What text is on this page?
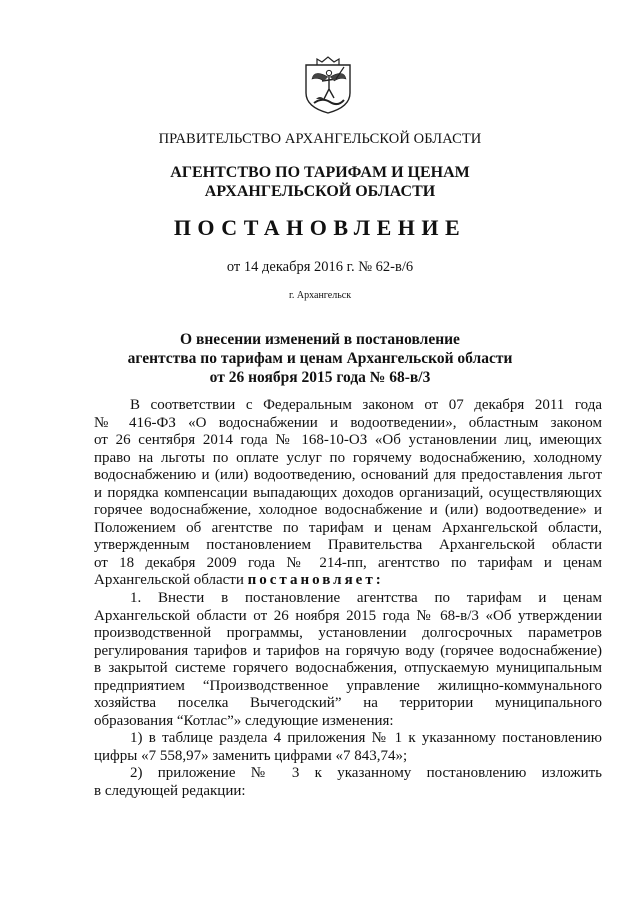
ПРАВИТЕЛЬСТВО АРХАНГЕЛЬСКОЙ ОБЛАСТИ
АГЕНТСТВО ПО ТАРИФАМ И ЦЕНАМ
АРХАНГЕЛЬСКОЙ ОБЛАСТИ
ПОСТАНОВЛЕНИЕ
от 14 декабря 2016 г. № 62-в/6
г. Архангельск
О внесении изменений в постановление
агентства по тарифам и ценам Архангельской области
от 26 ноября 2015 года № 68-в/3
В соответствии с Федеральным законом от 07 декабря 2011 года
№ 416-ФЗ «О водоснабжении и водоотведении», областным законом
от 26 сентября 2014 года № 168-10-ОЗ «Об установлении лиц, имеющих
право на льготы по оплате услуг по горячему водоснабжению, холодному
водоснабжению и (или) водоотведению, оснований для предоставления льгот
и порядка компенсации выпадающих доходов организаций, осуществляющих
горячее водоснабжение, холодное водоснабжение и (или) водоотведение» и
Положением об агентстве по тарифам и ценам Архангельской области,
утвержденным постановлением Правительства Архангельской области
от 18 декабря 2009 года № 214-пп, агентство по тарифам и ценам
Архангельской области постановляет:
1. Внести в постановление агентства по тарифам и ценам
Архангельской области от 26 ноября 2015 года № 68-в/3 «Об утверждении
производственной программы, установлении долгосрочных параметров
регулирования тарифов и тарифов на горячую воду (горячее водоснабжение)
в закрытой системе горячего водоснабжения, отпускаемую муниципальным
предприятием “Производственное управление жилищно-коммунального
хозяйства поселка Вычегодский” на территории муниципального
образования “Котлас”» следующие изменения:
1) в таблице раздела 4 приложения № 1 к указанному постановлению
цифры «7 558,97» заменить цифрами «7 843,74»;
2) приложение № 3 к указанному постановлению изложить
в следующей редакции:
